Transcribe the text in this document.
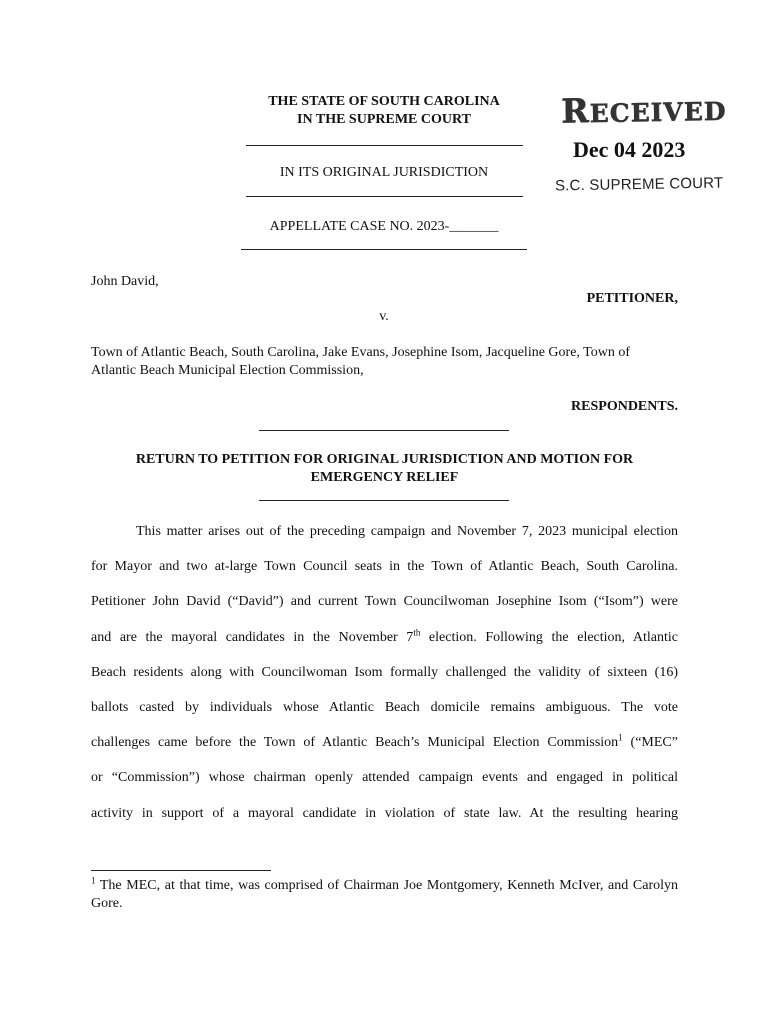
THE STATE OF SOUTH CAROLINA
IN THE SUPREME COURT
IN ITS ORIGINAL JURISDICTION
APPELLATE CASE NO. 2023-_______
RECEIVED
Dec 04 2023
S.C. SUPREME COURT
John David,
PETITIONER,
v.
Town of Atlantic Beach, South Carolina, Jake Evans, Josephine Isom, Jacqueline Gore, Town of
Atlantic Beach Municipal Election Commission,
RESPONDENTS.
RETURN TO PETITION FOR ORIGINAL JURISDICTION AND MOTION FOR
EMERGENCY RELIEF
This matter arises out of the preceding campaign and November 7, 2023 municipal election
for Mayor and two at-large Town Council seats in the Town of Atlantic Beach, South Carolina.
Petitioner John David (“David”) and current Town Councilwoman Josephine Isom (“Isom”) were
and are the mayoral candidates in the November 7th election. Following the election, Atlantic
Beach residents along with Councilwoman Isom formally challenged the validity of sixteen (16)
ballots casted by individuals whose Atlantic Beach domicile remains ambiguous. The vote
challenges came before the Town of Atlantic Beach’s Municipal Election Commission$^1$ (“MEC”
or “Commission”) whose chairman openly attended campaign events and engaged in political
activity in support of a mayoral candidate in violation of state law. At the resulting hearing
$^1$ The MEC, at that time, was comprised of Chairman Joe Montgomery, Kenneth McIver, and Carolyn Gore.
